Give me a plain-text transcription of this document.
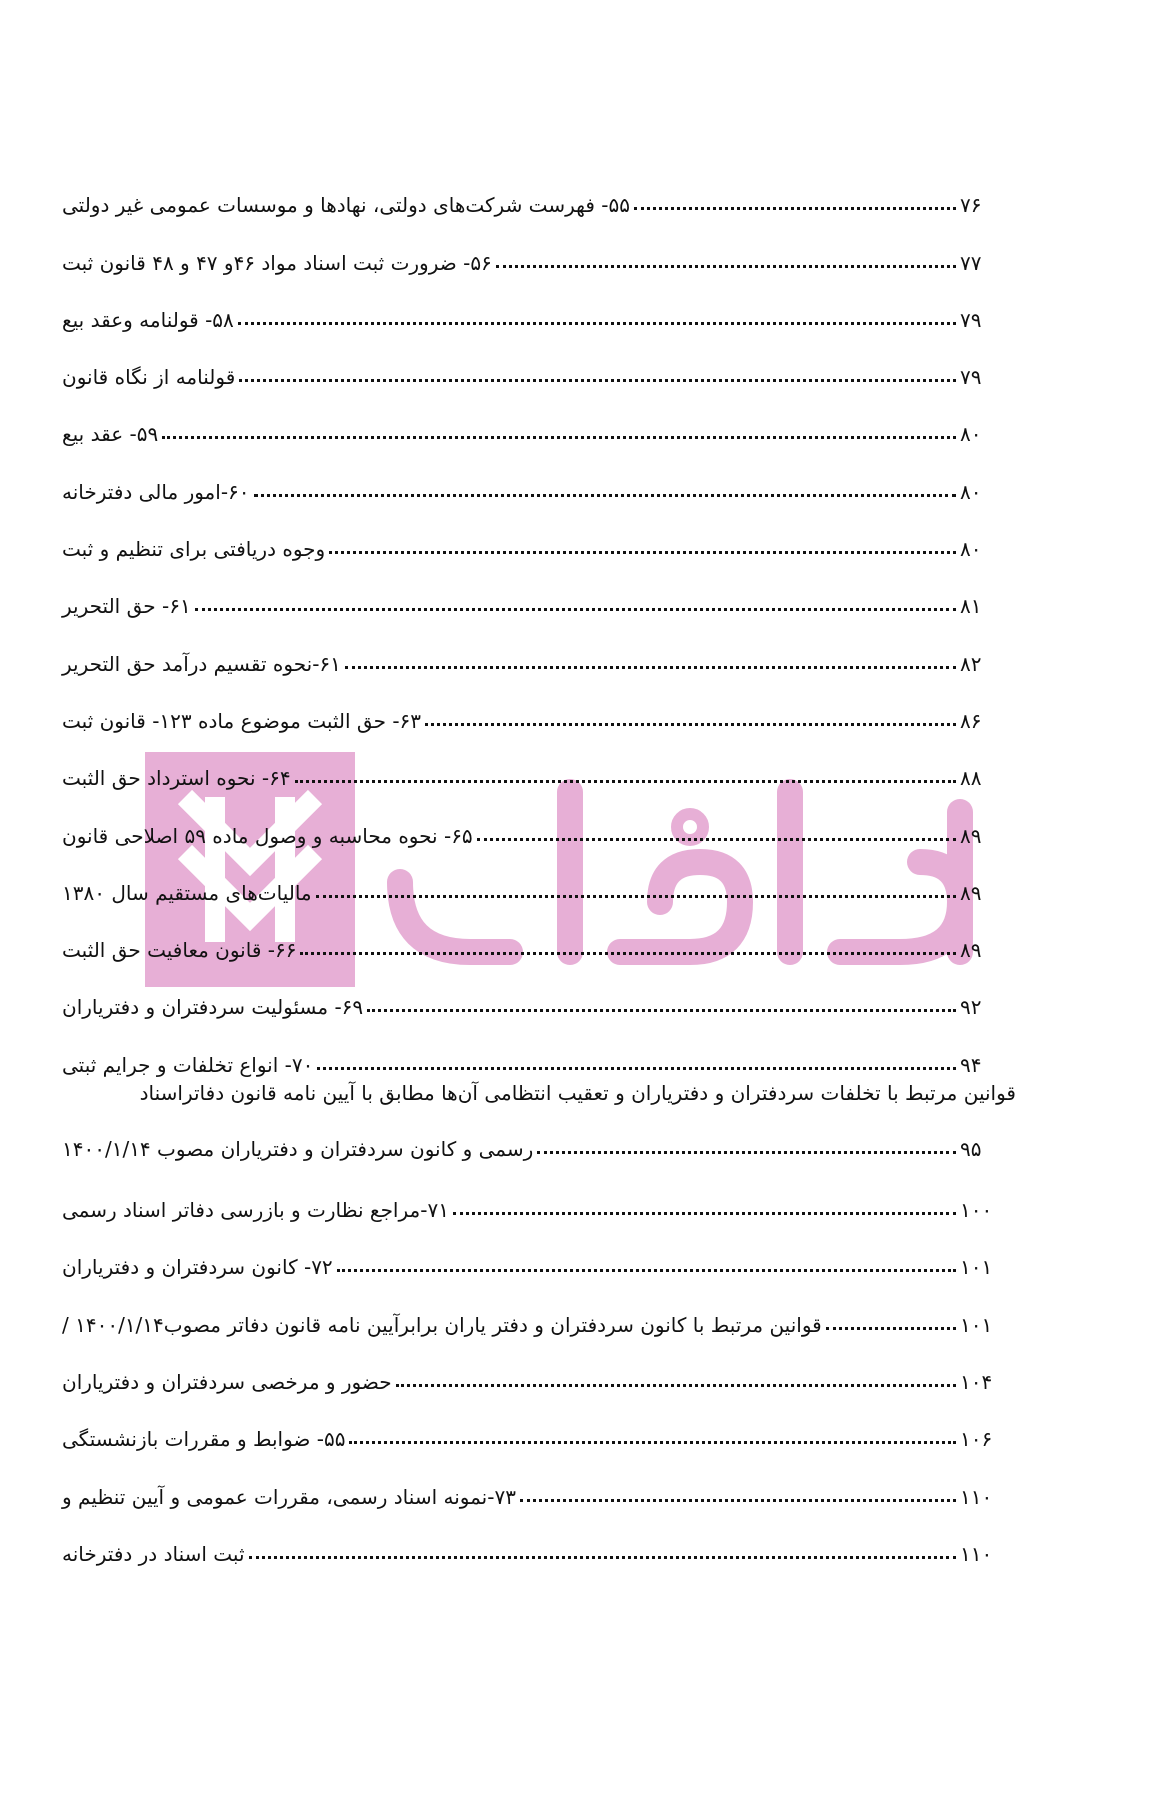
۵۵- فهرست شرکت‌های دولتی، نهادها و موسسات عمومی غیر دولتی	۷۶
۵۶- ضرورت ثبت اسناد مواد ۴۶و ۴۷ و ۴۸ قانون ثبت	۷۷
۵۸- قولنامه وعقد بیع	۷۹
قولنامه از نگاه قانون	۷۹
۵۹- عقد بیع	۸۰
۶۰-امور مالی دفترخانه	۸۰
وجوه دریافتی برای تنظیم و ثبت	۸۰
۶۱- حق التحریر	۸۱
۶۱-نحوه تقسیم درآمد حق التحریر	۸۲
۶۳- حق الثبت موضوع ماده ۱۲۳- قانون ثبت	۸۶
۶۴- نحوه استرداد حق الثبت	۸۸
۶۵- نحوه محاسبه و وصول ماده ۵۹ اصلاحی قانون	۸۹
مالیات‌های مستقیم سال ۱۳۸۰	۸۹
۶۶- قانون معافیت حق الثبت	۸۹
۶۹- مسئولیت سردفتران و دفتریاران	۹۲
۷۰- انواع تخلفات و جرایم ثبتی	۹۴
قوانین مرتبط با تخلفات سردفتران و دفتریاران و تعقیب انتظامی آن‌ها مطابق با آیین نامه قانون دفاتراسناد
رسمی و کانون سردفتران و دفتریاران مصوب ۱۴۰۰/۱/۱۴	۹۵
۷۱-مراجع نظارت و بازرسی دفاتر اسناد رسمی	۱۰۰
۷۲- کانون سردفتران و دفتریاران	۱۰۱
قوانین مرتبط با کانون سردفتران و دفتر یاران برابرآیین نامه قانون دفاتر مصوب۱۴۰۰/۱/۱۴ /	۱۰۱
حضور و مرخصی سردفتران و دفتریاران	۱۰۴
۵۵- ضوابط و مقررات بازنشستگی	۱۰۶
۷۳-نمونه اسناد رسمی، مقررات عمومی و آیین تنظیم و	۱۱۰
ثبت اسناد در دفترخانه	۱۱۰
